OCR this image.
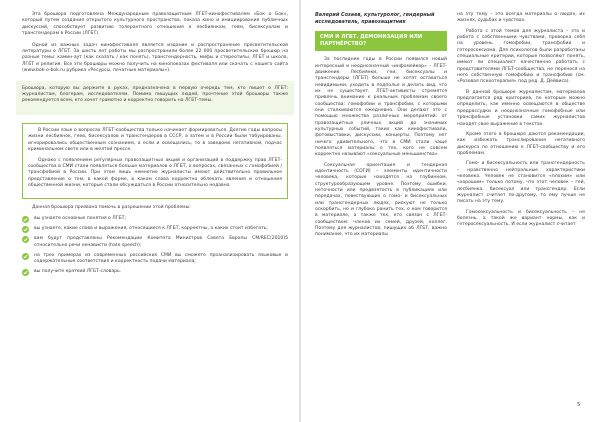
Эта брошюра подготовлена Международным правозащитным ЛГБТ-кинофестивалем «Бок о Бок», который путем создания открытого культурного пространства, показа кино и инициирования публичных дискуссий, способствует развитию толерантного отношения к лесбиянкам, геям, бисексуалам и трансгендерам в России (ЛГБТ).

Одной из важных задач кинофестиваля является издание и распространение просветительской литературы о ЛГБТ. За шесть лет работы мы распространили более 22 000 просветительских брошюр на разные темы: камин-аут (как сказать / как понять), трансгендерность, мифы и стереотипы, ЛГБТ и школа, ЛГБТ и религия. Все эти брошюры можно получить на кинопоказах фестиваля или скачать с нашего сайта (www.bok-o-bok.ru рубрика «Ресурсы, печатные материалы»).

Брошюра, которую вы держите в руках, предназначена в первую очередь тем, кто пишет о ЛГБТ: журналистам, блогерам, исследователям. Помимо пишущих людей, прочтение этой брошюры также рекомендуется всем, кто хочет грамотно и корректно говорить на ЛГБТ-темы.

В России язык о вопросах ЛГБТ-сообщества только начинает формироваться. Долгие годы вопросы жизни лесбиянок, геев, бисексуалов и трансгендеров в СССР, а затем и в России были табуированы, игнорировались общественным сознанием, а если и освещались, то в заведомо негативном, подчас криминальном свете или в желтой прессе.

Однако с появлением регулярных правозащитных акций и организаций в поддержку прав ЛГБТ-сообщества в СМИ стали появляться больше материалов о ЛГБТ, о вопросах, связанных с гомофобией / трансфобией в России. При этом лишь немногие журналисты имеют действительно правильное представление о том, в какой форме, в каком слова корректно облекать явления и отношения общественной жизни, которые стали обсуждаться в России относительно недавно.

Данная брошюра призвана помочь в разрешении этой проблемы:

вы узнаете основные понятия о ЛГБТ;
вы узнаете, какие слова и выражения, относящиеся к ЛГБТ, корректны, а каких стоит избегать;
вам будут представлены Рекомендации Комитета Министров Совета Европы CM/REC(2010)5 относительно речи ненависти (hate speech);
на трех примерах из современных российских СМИ вы сможете проанализировать языковые и содержательные соответствия и корректность подачи материала;
вы получите краткий ЛГБТ-словарь.
Валерий Созаев, культуролог, гендерный исследователь, правозащитник
СМИ И ЛГБТ. ДЕМОНИЗАЦИЯ ИЛИ ПАРТНЁРСТВО?

За последние годы в России появился новый интересный и неоднозначный «инфомейкер» – ЛГБТ-движение. Лесбиянки, геи, бисексуалы и трансгендеры (ЛГБТ) больше не хотят оставаться невидимыми, уходить в подполье и делать вид, что их не существует. ЛГБТ-активисты стремятся привлечь внимание к реальным проблемам своего сообщества: гомофобии и трансфобии, с которыми они сталкиваются ежедневно. Они делают это с помощью множества различных мероприятий: от правозащитных уличных акций до значимых культурных событий, таких как кинофестивали, фотовыставки, дискуссии, концерты. Поэтому нет ничего удивительного, что в СМИ стали чаще появляться материалы о тех, кого не совсем корректно называют «сексуальные меньшинства».

Сексуальная ориентация и гендерная идентичность (СОГИ) – элементы идентичности человека, которые находятся на глубинном, структурообразующем уровне. Поэтому ошибки, неточности или предвзятость в публикациях или передачах, повествующих о гомо- и бисексуальных или трансгендерных людях, рискуют не только оскорбить, но и глубоко ранить тех, о ком говорится в материале, а также тех, кто связан с ЛГБТ-сообществом: членов их семей, друзей, коллег. Поэтому для журналистов, пишущих об ЛГБТ, важно понимание, что их материалы

на эту тему – это всегда материалы о людях, их жизнях, судьбах и чувствах.

Работа с этой темой для журналиста – это и работа с собственными чувствами, проверка себя на уровень гомофобии, трансфобии и гетеросексизма. Для психологов были разработаны специальные критерии, которые позволяют понять, имеют ли специалист качественно работать с представителями ЛГБТ-сообщества, не перенося на него собственную гомофобию и трансфобию (см. «Розовая психотерапия» под ред. Д. Дейвиса).

В данной брошюре журналистам, материалов предлагается ряд критериев, по которым можно определить, как именно освещаются в обществе предрассудки и неоднозначные гомофобные или трансфобные установки самих журналистов находят свое выражение в текстах.

Кроме этого в брошюре даются рекомендации, как избежать транслирования негативного дискурса по отношению к ЛГБТ-сообществу и его проблемам.

Гомо- и бисексуальность или трансгендерность – нравственно нейтральные характеристики человека. Человек не становится «плохим» или «хорошим» только потому, что этот человек – гей, лесбиянка, бисексуал или трансгендер. Если журналист считает по-другому, то ему лучше не писать на эту тему.

Гомосексуальность и бисексуальность – не болезнь, а такой же вариант нормы, как и гетеросексуальность. И если журналист считает

5
